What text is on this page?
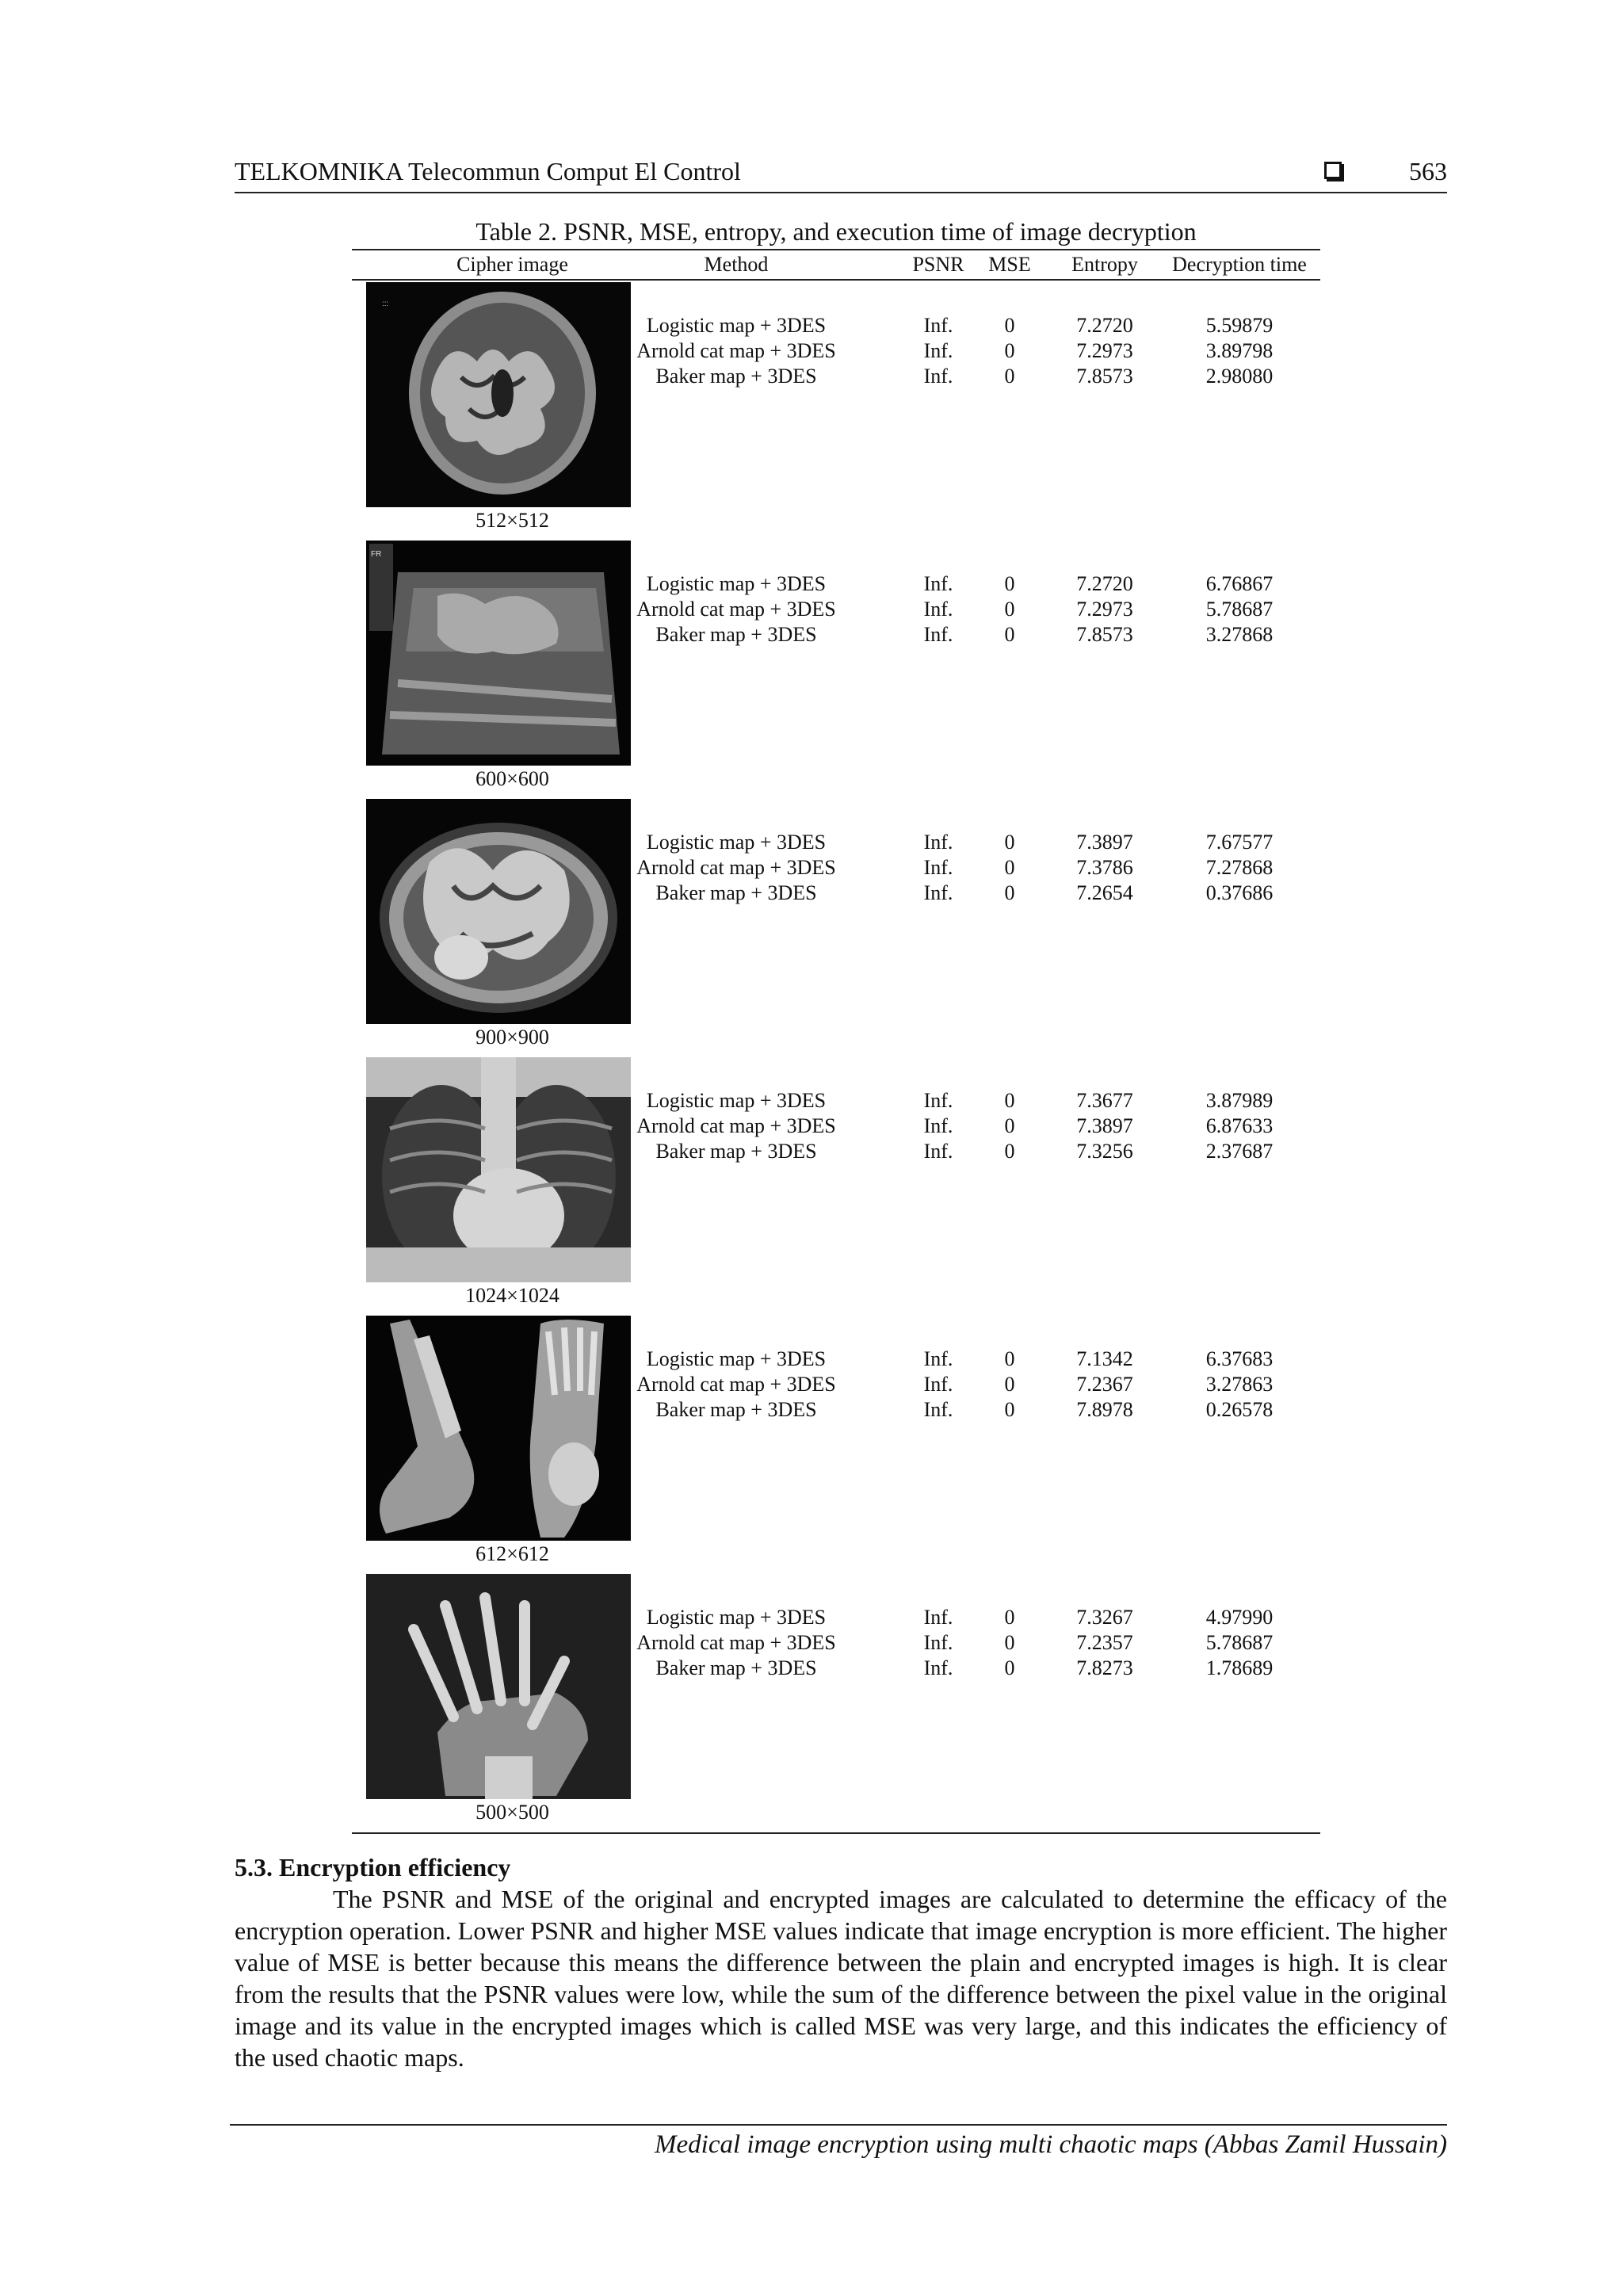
TELKOMNIKA Telecommun Comput El Control	563
Table 2. PSNR, MSE, entropy, and execution time of image decryption
Cipher image	Method	PSNR MSE	Entropy	Decryption time
:::
512×512
Logistic map + 3DES	Inf.	0	7.2720	5.59879
Arnold cat map + 3DES	Inf.	0	7.2973	3.89798
Baker map + 3DES	Inf.	0	7.8573	2.98080
FR
600×600
Logistic map + 3DES	Inf.	0	7.2720	6.76867
Arnold cat map + 3DES	Inf.	0	7.2973	5.78687
Baker map + 3DES	Inf.	0	7.8573	3.27868
900×900
Logistic map + 3DES	Inf.	0	7.3897	7.67577
Arnold cat map + 3DES	Inf.	0	7.3786	7.27868
Baker map + 3DES	Inf.	0	7.2654	0.37686
1024×1024
Logistic map + 3DES	Inf.	0	7.3677	3.87989
Arnold cat map + 3DES	Inf.	0	7.3897	6.87633
Baker map + 3DES	Inf.	0	7.3256	2.37687
612×612
Logistic map + 3DES	Inf.	0	7.1342	6.37683
Arnold cat map + 3DES	Inf.	0	7.2367	3.27863
Baker map + 3DES	Inf.	0	7.8978	0.26578
500×500
Logistic map + 3DES	Inf.	0	7.3267	4.97990
Arnold cat map + 3DES	Inf.	0	7.2357	5.78687
Baker map + 3DES	Inf.	0	7.8273	1.78689
5.3. Encryption efficiency
The PSNR and MSE of the original and encrypted images are calculated to determine the efficacy of the encryption operation. Lower PSNR and higher MSE values indicate that image encryption is more efficient. The higher value of MSE is better because this means the difference between the plain and encrypted images is high. It is clear from the results that the PSNR values were low, while the sum of the difference between the pixel value in the original image and its value in the encrypted images which is called MSE was very large, and this indicates the efficiency of the used chaotic maps.
Medical image encryption using multi chaotic maps (Abbas Zamil Hussain)
